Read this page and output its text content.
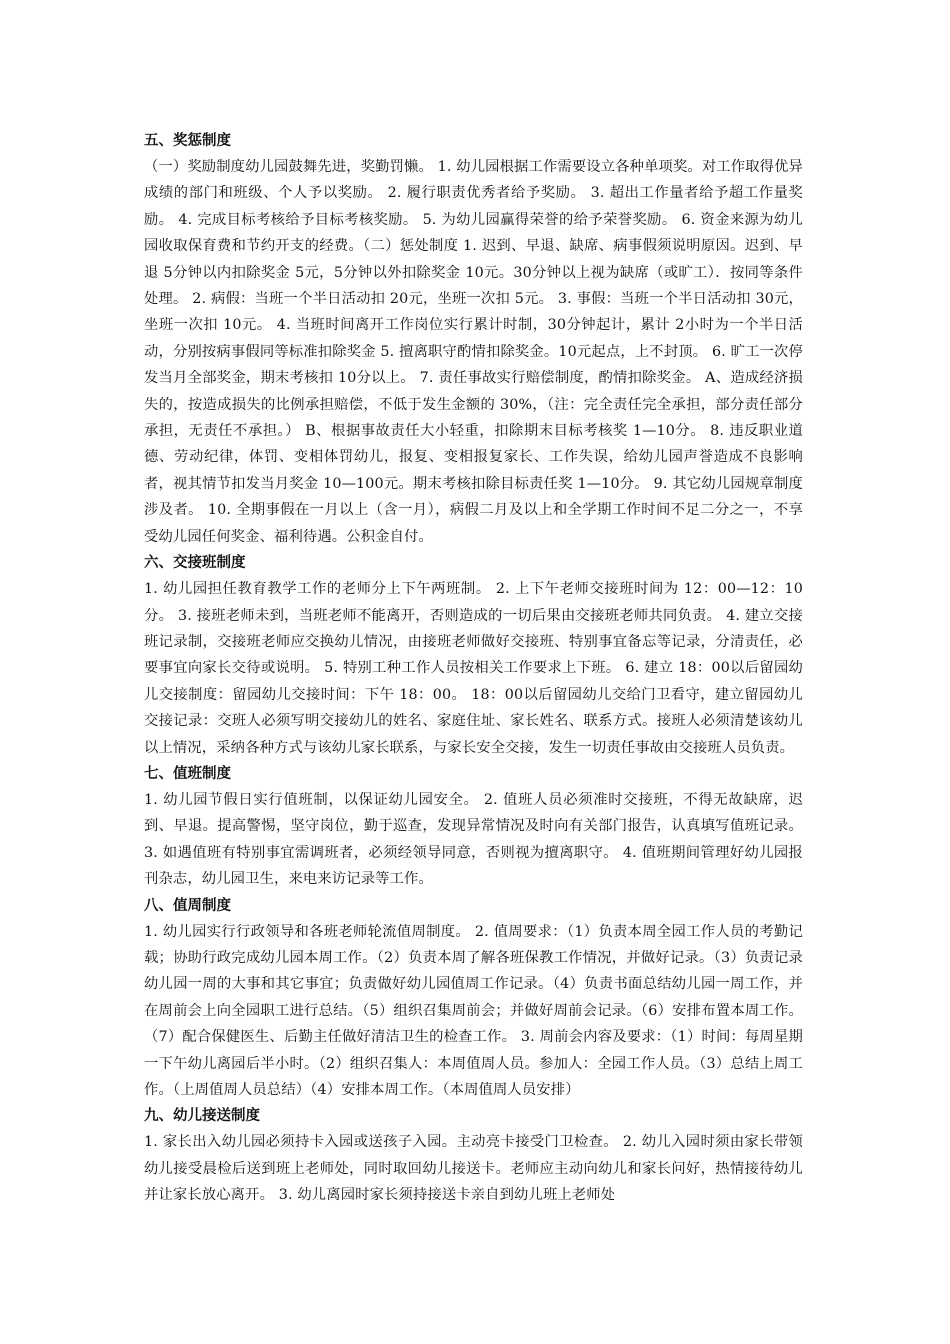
五、奖惩制度

（一）奖励制度幼儿园鼓舞先进，奖勤罚懒。 1. 幼儿园根据工作需要设立各种单项奖。对工作取得优异成绩的部门和班级、个人予以奖励。 2. 履行职责优秀者给予奖励。 3. 超出工作量者给予超工作量奖励。 4. 完成目标考核给予目标考核奖励。 5. 为幼儿园赢得荣誉的给予荣誉奖励。 6. 资金来源为幼儿园收取保育费和节约开支的经费。（二）惩处制度 1. 迟到、早退、缺席、病事假须说明原因。迟到、早退 5分钟以内扣除奖金 5元，5分钟以外扣除奖金 10元。30分钟以上视为缺席（或旷工）．按同等条件处理。 2. 病假：当班一个半日活动扣 20元，坐班一次扣 5元。 3. 事假：当班一个半日活动扣 30元，坐班一次扣 10元。 4. 当班时间离开工作岗位实行累计时制，30分钟起计，累计 2小时为一个半日活动，分别按病事假同等标准扣除奖金 5. 擅离职守酌情扣除奖金。10元起点，上不封顶。 6. 旷工一次停发当月全部奖金，期末考核扣 10分以上。 7. 责任事故实行赔偿制度，酌情扣除奖金。 A、造成经济损失的，按造成损失的比例承担赔偿，不低于发生金额的 30%，（注：完全责任完全承担，部分责任部分承担，无责任不承担。） B、根据事故责任大小轻重，扣除期末目标考核奖 1—10分。 8. 违反职业道德、劳动纪律，体罚、变相体罚幼儿，报复、变相报复家长、工作失误，给幼儿园声誉造成不良影响者，视其情节扣发当月奖金 10—100元。期末考核扣除目标责任奖 1—10分。 9. 其它幼儿园规章制度涉及者。 10. 全期事假在一月以上（含一月），病假二月及以上和全学期工作时间不足二分之一，不享受幼儿园任何奖金、福利待遇。公积金自付。

六、交接班制度

1. 幼儿园担任教育教学工作的老师分上下午两班制。 2. 上下午老师交接班时间为 12：00—12：10分。 3. 接班老师未到，当班老师不能离开，否则造成的一切后果由交接班老师共同负责。 4. 建立交接班记录制，交接班老师应交换幼儿情况，由接班老师做好交接班、特别事宜备忘等记录，分清责任，必要事宜向家长交待或说明。 5. 特别工种工作人员按相关工作要求上下班。 6. 建立 18：00以后留园幼儿交接制度：留园幼儿交接时间：下午 18：00。 18：00以后留园幼儿交给门卫看守，建立留园幼儿交接记录：交班人必须写明交接幼儿的姓名、家庭住址、家长姓名、联系方式。接班人必须清楚该幼儿以上情况，采纳各种方式与该幼儿家长联系，与家长安全交接，发生一切责任事故由交接班人员负责。

七、值班制度

1. 幼儿园节假日实行值班制，以保证幼儿园安全。 2. 值班人员必须准时交接班，不得无故缺席，迟到、早退。提高警惕，坚守岗位，勤于巡查，发现异常情况及时向有关部门报告，认真填写值班记录。 3. 如遇值班有特别事宜需调班者，必须经领导同意，否则视为擅离职守。 4. 值班期间管理好幼儿园报刊杂志，幼儿园卫生，来电来访记录等工作。

八、值周制度

1. 幼儿园实行行政领导和各班老师轮流值周制度。 2. 值周要求：（1）负责本周全园工作人员的考勤记载；协助行政完成幼儿园本周工作。（2）负责本周了解各班保教工作情况，并做好记录。（3）负责记录幼儿园一周的大事和其它事宜；负责做好幼儿园值周工作记录。（4）负责书面总结幼儿园一周工作，并在周前会上向全园职工进行总结。（5）组织召集周前会；并做好周前会记录。（6）安排布置本周工作。（7）配合保健医生、后勤主任做好清洁卫生的检查工作。 3. 周前会内容及要求：（1）时间：每周星期一下午幼儿离园后半小时。（2）组织召集人：本周值周人员。参加人：全园工作人员。（3）总结上周工作。（上周值周人员总结）（4）安排本周工作。（本周值周人员安排）

九、幼儿接送制度

1. 家长出入幼儿园必须持卡入园或送孩子入园。主动亮卡接受门卫检查。 2. 幼儿入园时须由家长带领幼儿接受晨检后送到班上老师处，同时取回幼儿接送卡。老师应主动向幼儿和家长问好，热情接待幼儿并让家长放心离开。 3. 幼儿离园时家长须持接送卡亲自到幼儿班上老师处
